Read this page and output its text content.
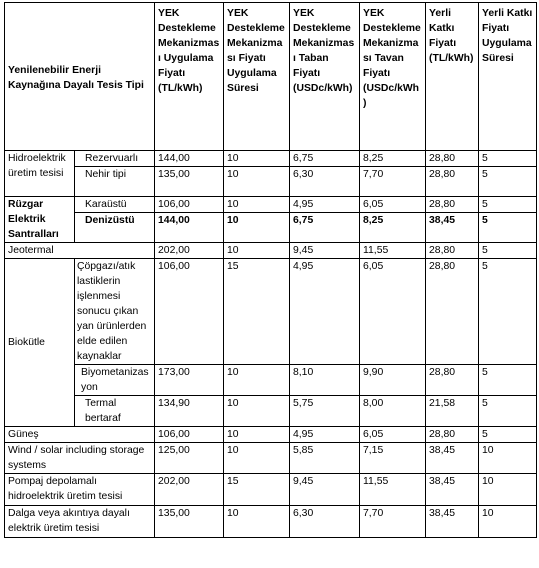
Yenilenebilir Enerji Kaynağına Dayalı Tesis Tipi		YEK Destekleme Mekanizması Uygulama Fiyatı (TL/kWh)	YEK Destekleme Mekanizması Fiyatı Uygulama Süresi	YEK Destekleme Mekanizması Taban Fiyatı (USDc/kWh)	YEK Destekleme Mekanizması Tavan Fiyatı (USDc/kWh)	Yerli Katkı Fiyatı (TL/kWh)	Yerli Katkı Fiyatı Uygulama Süresi
Hidroelektrik üretim tesisi	Rezervuarlı	144,00	10	6,75	8,25	28,80	5
	Nehir tipi	135,00	10	6,30	7,70	28,80	5
Rüzgar Elektrik Santralları	Karaüstü	106,00	10	4,95	6,05	28,80	5
	Denizüstü	144,00	10	6,75	8,25	38,45	5
Jeotermal		202,00	10	9,45	11,55	28,80	5
Biokütle	Çöpgazı/atık lastiklerin işlenmesi sonucu çıkan yan ürünlerden elde edilen kaynaklar	106,00	15	4,95	6,05	28,80	5
	Biyometanizasyon	173,00	10	8,10	9,90	28,80	5
	Termal bertaraf	134,90	10	5,75	8,00	21,58	5
Güneş		106,00	10	4,95	6,05	28,80	5
Wind / solar including storage systems		125,00	10	5,85	7,15	38,45	10
Pompaj depolamalı hidroelektrik üretim tesisi		202,00	15	9,45	11,55	38,45	10
Dalga veya akıntıya dayalı elektrik üretim tesisi		135,00	10	6,30	7,70	38,45	10
